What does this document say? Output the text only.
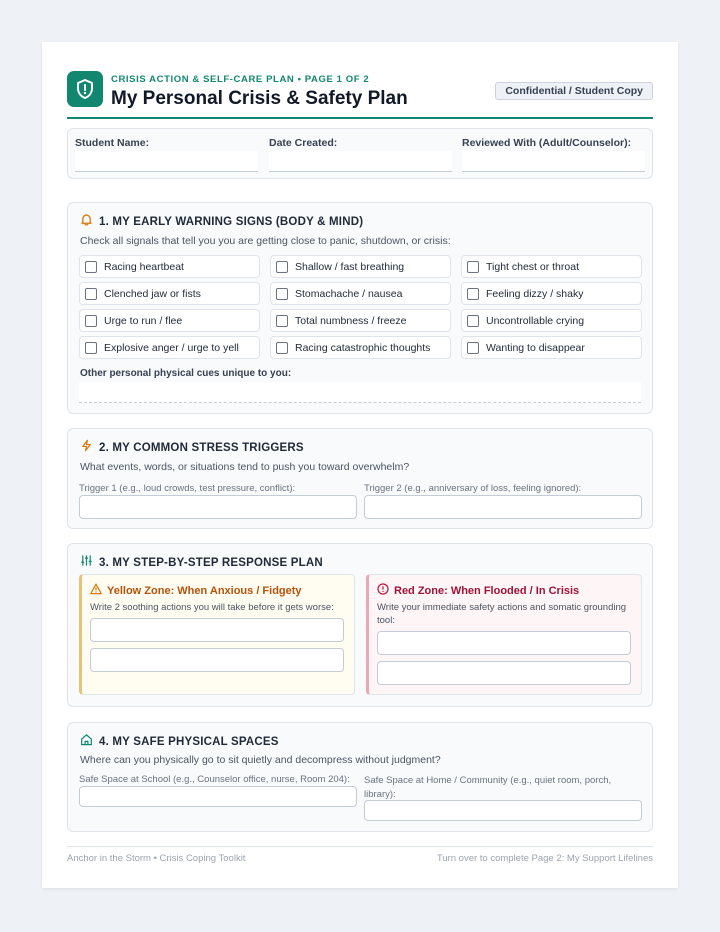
CRISIS ACTION & SELF-CARE PLAN • PAGE 1 OF 2
My Personal Crisis & Safety Plan	Confidential / Student Copy
Student Name:	Date Created:	Reviewed With (Adult/Counselor):
1. MY EARLY WARNING SIGNS (BODY & MIND)
Check all signals that tell you you are getting close to panic, shutdown, or crisis:
Racing heartbeat	Shallow / fast breathing	Tight chest or throat
Clenched jaw or fists	Stomachache / nausea	Feeling dizzy / shaky
Urge to run / flee	Total numbness / freeze	Uncontrollable crying
Explosive anger / urge to yell	Racing catastrophic thoughts	Wanting to disappear
Other personal physical cues unique to you:
2. MY COMMON STRESS TRIGGERS
What events, words, or situations tend to push you toward overwhelm?
Trigger 1 (e.g., loud crowds, test pressure, conflict):	Trigger 2 (e.g., anniversary of loss, feeling ignored):
3. MY STEP-BY-STEP RESPONSE PLAN
Yellow Zone: When Anxious / Fidgety
Write 2 soothing actions you will take before it gets worse:
Red Zone: When Flooded / In Crisis
Write your immediate safety actions and somatic grounding tool:
4. MY SAFE PHYSICAL SPACES
Where can you physically go to sit quietly and decompress without judgment?
Safe Space at School (e.g., Counselor office, nurse, Room 204): Safe Space at Home / Community (e.g., quiet room, porch, library):
Anchor in the Storm • Crisis Coping Toolkit	Turn over to complete Page 2: My Support Lifelines
